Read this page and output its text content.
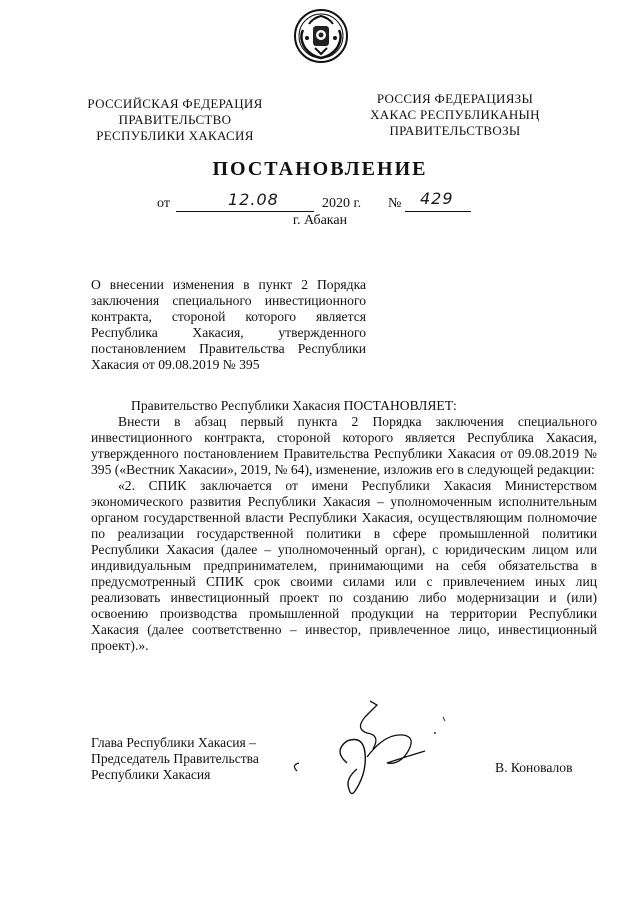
РОССИЙСКАЯ ФЕДЕРАЦИЯ
ПРАВИТЕЛЬСТВО
РЕСПУБЛИКИ ХАКАСИЯ
РОССИЯ ФЕДЕРАЦИЯЗЫ
ХАКАС РЕСПУБЛИКАНЫҢ
ПРАВИТЕЛЬСТВОЗЫ
ПОСТАНОВЛЕНИЕ
от	12.08	2020 г. № 429
г. Абакан
О внесении изменения в пункт 2 Порядка
заключения специального инвестиционного
контракта, стороной которого является
Республика Хакасия, утвержденного
постановлением Правительства Республики
Хакасия от 09.08.2019 № 395

Правительство Республики Хакасия ПОСТАНОВЛЯЕТ:

Внести в абзац первый пункта 2 Порядка заключения специального инвестиционного контракта, стороной которого является Республика Хакасия, утвержденного постановлением Правительства Республики Хакасия от 09.08.2019 № 395 («Вестник Хакасии», 2019, № 64), изменение, изложив его в следующей редакции:

«2. СПИК заключается от имени Республики Хакасия Министерством экономического развития Республики Хакасия – уполномоченным исполнительным органом государственной власти Республики Хакасия, осуществляющим полномочие по реализации государственной политики в сфере промышленной политики Республики Хакасия (далее – уполномоченный орган), с юридическим лицом или индивидуальным предпринимателем, принимающими на себя обязательства в предусмотренный СПИК срок своими силами или с привлечением иных лиц реализовать инвестиционный проект по созданию либо модернизации и (или) освоению производства промышленной продукции на территории Республики Хакасия (далее соответственно – инвестор, привлеченное лицо, инвестиционный проект).».

Глава Республики Хакасия –
Председатель Правительства
Республики Хакасия	В. Коновалов
